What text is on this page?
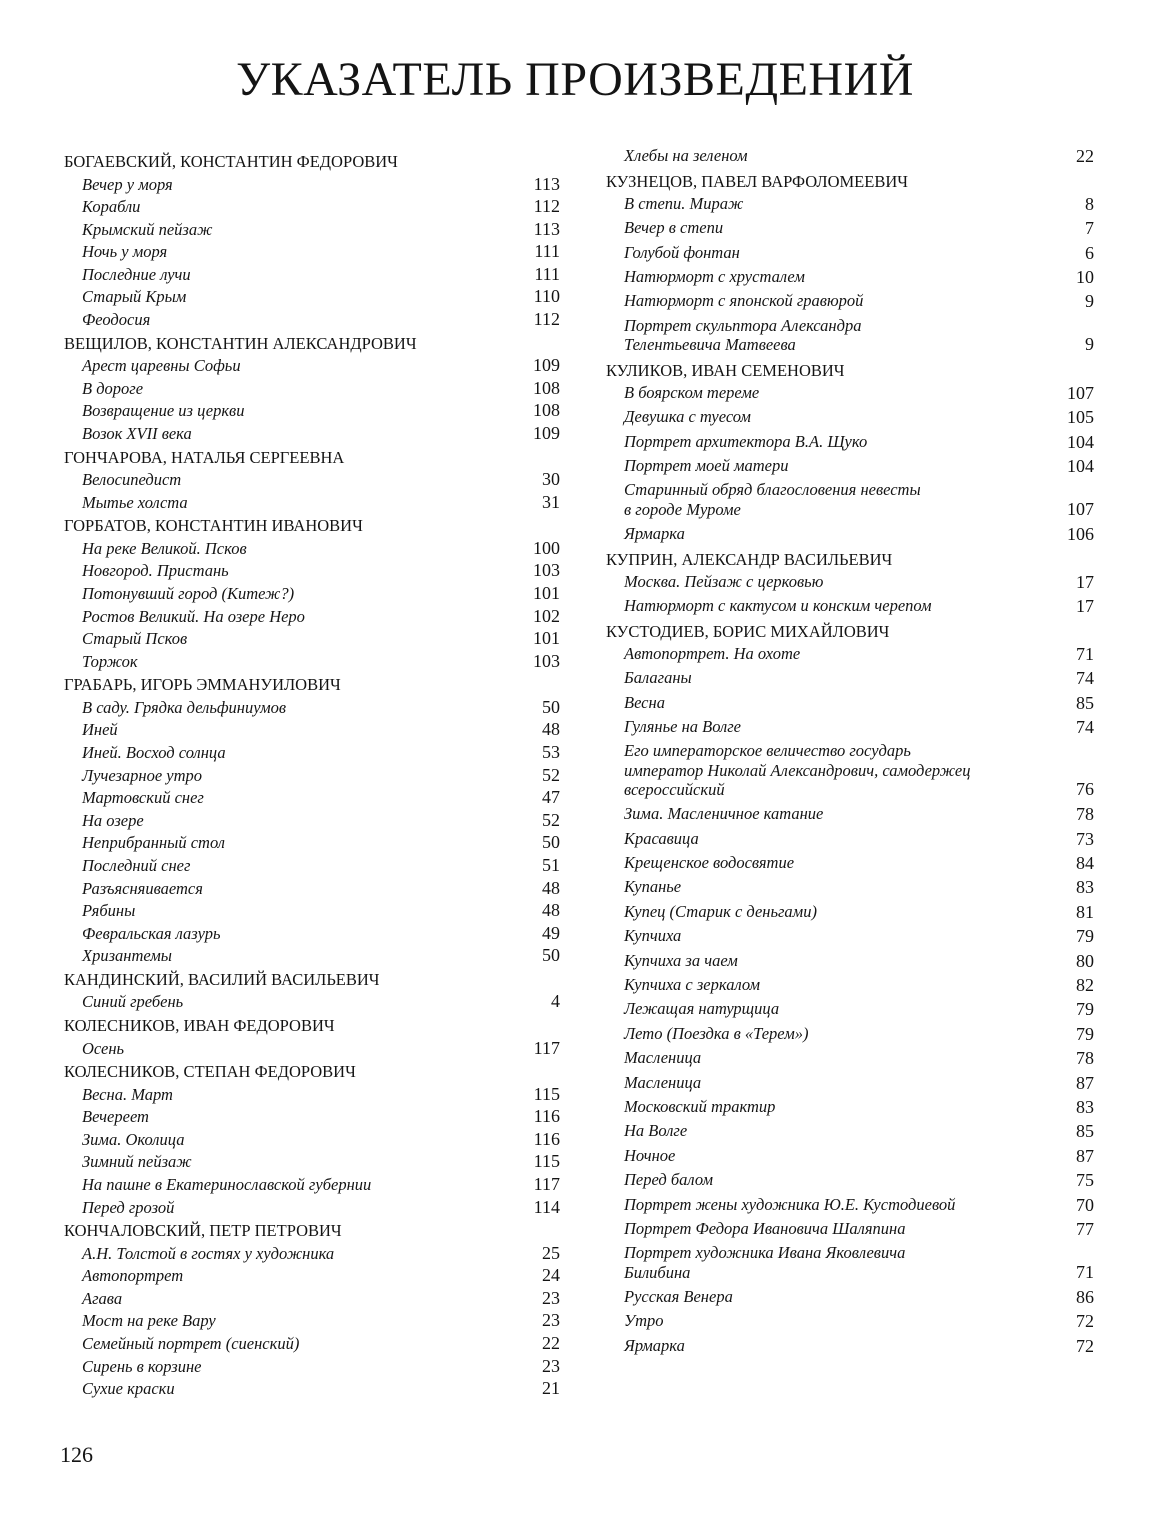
УКАЗАТЕЛЬ ПРОИЗВЕДЕНИЙ
БОГАЕВСКИЙ, КОНСТАНТИН ФЕДОРОВИЧ
Вечер у моря	113
Корабли	112
Крымский пейзаж	113
Ночь у моря	111
Последние лучи	111
Старый Крым	110
Феодосия	112
ВЕЩИЛОВ, КОНСТАНТИН АЛЕКСАНДРОВИЧ
Арест царевны Софьи	109
В дороге	108
Возвращение из церкви	108
Возок XVII века	109
ГОНЧАРОВА, НАТАЛЬЯ СЕРГЕЕВНА
Велосипедист	30
Мытье холста	31
ГОРБАТОВ, КОНСТАНТИН ИВАНОВИЧ
На реке Великой. Псков	100
Новгород. Пристань	103
Потонувший город (Китеж?)	101
Ростов Великий. На озере Неро	102
Старый Псков	101
Торжок	103
ГРАБАРЬ, ИГОРЬ ЭММАНУИЛОВИЧ
В саду. Грядка дельфиниумов	50
Иней	48
Иней. Восход солнца	53
Лучезарное утро	52
Мартовский снег	47
На озере	52
Неприбранный стол	50
Последний снег	51
Разъясняивается	48
Рябины	48
Февральская лазурь	49
Хризантемы	50
КАНДИНСКИЙ, ВАСИЛИЙ ВАСИЛЬЕВИЧ
Синий гребень	4
КОЛЕСНИКОВ, ИВАН ФЕДОРОВИЧ
Осень	117
КОЛЕСНИКОВ, СТЕПАН ФЕДОРОВИЧ
Весна. Март	115
Вечереет	116
Зима. Околица	116
Зимний пейзаж	115
На пашне в Екатеринославской губернии	117
Перед грозой	114
КОНЧАЛОВСКИЙ, ПЕТР ПЕТРОВИЧ
А.Н. Толстой в гостях у художника	25
Автопортрет	24
Агава	23
Мост на реке Вару	23
Семейный портрет (сиенский)	22
Сирень в корзине	23
Сухие краски	21
Хлебы на зеленом	22
КУЗНЕЦОВ, ПАВЕЛ ВАРФОЛОМЕЕВИЧ
В степи. Мираж	8
Вечер в степи	7
Голубой фонтан	6
Натюрморт с хрусталем	10
Натюрморт с японской гравюрой	9
Портрет скульптора Александра
Телентьевича Матвеева	9
КУЛИКОВ, ИВАН СЕМЕНОВИЧ
В боярском тереме	107
Девушка с туесом	105
Портрет архитектора В.А. Щуко	104
Портрет моей матери	104
Старинный обряд благословения невесты
в городе Муроме	107
Ярмарка	106
КУПРИН, АЛЕКСАНДР ВАСИЛЬЕВИЧ
Москва. Пейзаж с церковью	17
Натюрморт с кактусом и конским черепом	17
КУСТОДИЕВ, БОРИС МИХАЙЛОВИЧ
Автопортрет. На охоте	71
Балаганы	74
Весна	85
Гулянье на Волге	74
Его императорское величество государь
император Николай Александрович, самодержец
всероссийский	76
Зима. Масленичное катание	78
Красавица	73
Крещенское водосвятие	84
Купанье	83
Купец (Старик с деньгами)	81
Купчиха	79
Купчиха за чаем	80
Купчиха с зеркалом	82
Лежащая натурщица	79
Лето (Поездка в «Терем»)	79
Масленица	78
Масленица	87
Московский трактир	83
На Волге	85
Ночное	87
Перед балом	75
Портрет жены художника Ю.Е. Кустодиевой	70
Портрет Федора Ивановича Шаляпина	77
Портрет художника Ивана Яковлевича
Билибина	71
Русская Венера	86
Утро	72
Ярмарка	72
126
